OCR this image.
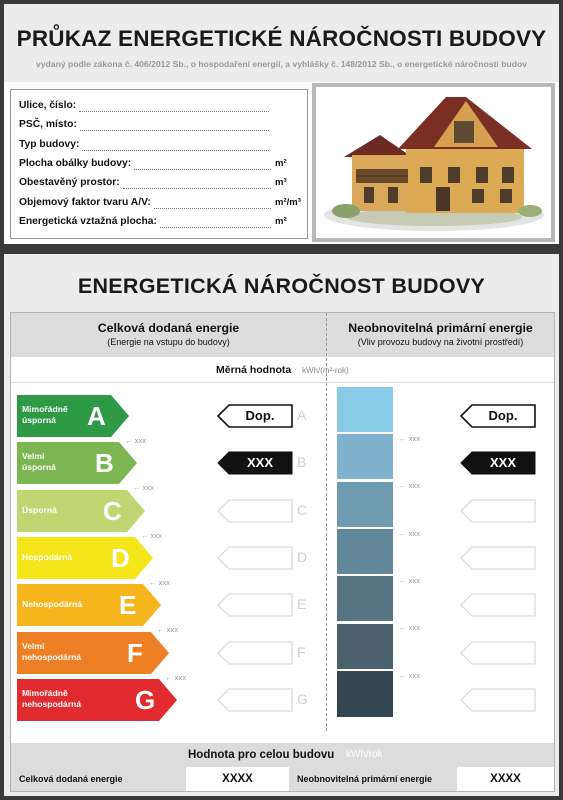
PRŮKAZ ENERGETICKÉ NÁROČNOSTI BUDOVY
vydaný podle zákona č. 406/2012 Sb., o hospodaření energií, a vyhlášky č. 148/2012 Sb., o energetické náročnosti budov
Ulice, číslo:
PSČ, místo:
Typ budovy:
Plocha obálky budovy:	m²
Obestavěný prostor:	m³
Objemový faktor tvaru A/V:	m²/m³
Energetická vztažná plocha:	m²
ENERGETICKÁ NÁROČNOST BUDOVY
Celková dodaná energie
(Energie na vstupu do budovy)
Neobnovitelná primární energie
(Vliv provozu budovy na životní prostředí)
Měrná hodnota kWh/(m²·rok)
Mimořádně
úsporná	A
← xxx	← xxx
A
Dop.	Dop.
Velmi
úsporná B
← xxx	← xxx
B
XXX	XXX
Úsporná C
← xxx	← xxx
C
Hospodárná D
← xxx	← xxx
D
Nehospodárná E
← xxx	← xxx
E
Velmi
nehospodárná F
← xxx	← xxx
F
Mimořádně
nehospodárná G	G
Hodnota pro celou budovu kWh/rok
Celková dodaná energie	XXXX	Neobnovitelná primární energie	XXXX
